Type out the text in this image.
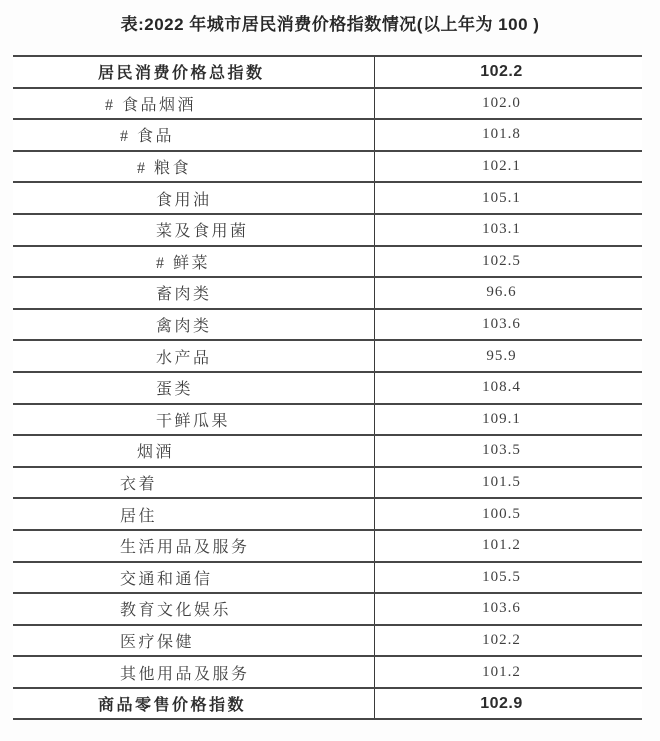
表:2022 年城市居民消费价格指数情况(以上年为 100 )
居民消费价格总指数	102.2
# 食品烟酒	102.0
# 食品	101.8
# 粮食	102.1
食用油	105.1
菜及食用菌	103.1
# 鲜菜	102.5
畜肉类	96.6
禽肉类	103.6
水产品	95.9
蛋类	108.4
干鲜瓜果	109.1
烟酒	103.5
衣着	101.5
居住	100.5
生活用品及服务	101.2
交通和通信	105.5
教育文化娱乐	103.6
医疗保健	102.2
其他用品及服务	101.2
商品零售价格指数	102.9
